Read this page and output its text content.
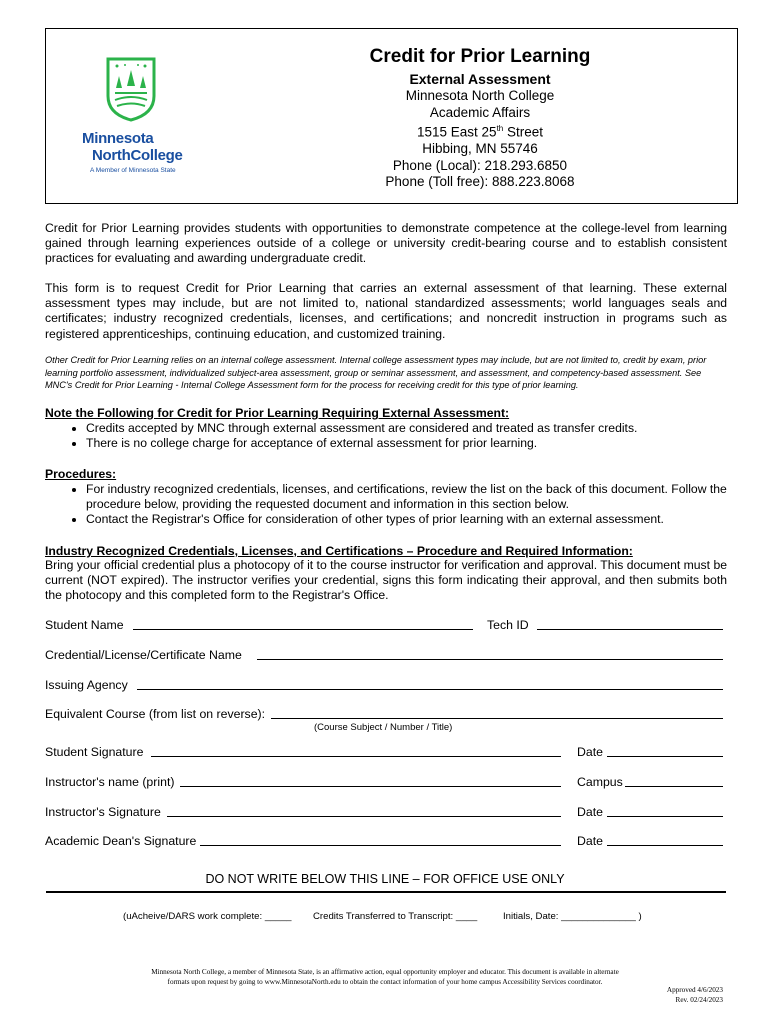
Minnesota
NorthCollege
A Member of Minnesota State
Credit for Prior Learning
External Assessment
Minnesota North College
Academic Affairs
1515 East 25th Street
Hibbing, MN 55746
Phone (Local): 218.293.6850
Phone (Toll free): 888.223.8068
Credit for Prior Learning provides students with opportunities to demonstrate competence at the college-level from learning gained through learning experiences outside of a college or university credit-bearing course and to establish consistent practices for evaluating and awarding undergraduate credit.
This form is to request Credit for Prior Learning that carries an external assessment of that learning. These external assessment types may include, but are not limited to, national standardized assessments; world languages seals and certificates; industry recognized credentials, licenses, and certifications; and noncredit instruction in programs such as registered apprenticeships, continuing education, and customized training.
Other Credit for Prior Learning relies on an internal college assessment. Internal college assessment types may include, but are not limited to, credit by exam, prior learning portfolio assessment, individualized subject-area assessment, group or seminar assessment, and assessment, and competency-based assessment. See MNC's Credit for Prior Learning - Internal College Assessment form for the process for receiving credit for this type of prior learning.
Note the Following for Credit for Prior Learning Requiring External Assessment:
• Credits accepted by MNC through external assessment are considered and treated as transfer credits.
• There is no college charge for acceptance of external assessment for prior learning.
Procedures:
• For industry recognized credentials, licenses, and certifications, review the list on the back of this document. Follow the procedure below, providing the requested document and information in this section below.
• Contact the Registrar's Office for consideration of other types of prior learning with an external assessment.
Industry Recognized Credentials, Licenses, and Certifications – Procedure and Required Information:
Bring your official credential plus a photocopy of it to the course instructor for verification and approval. This document must be current (NOT expired). The instructor verifies your credential, signs this form indicating their approval, and then submits both the photocopy and this completed form to the Registrar's Office.
Student Name	Tech ID
Credential/License/Certificate Name
Issuing Agency
Equivalent Course (from list on reverse):
(Course Subject / Number / Title)
Student Signature	Date
Instructor's name (print)	Campus
Instructor's Signature	Date
Academic Dean's Signature	Date
DO NOT WRITE BELOW THIS LINE – FOR OFFICE USE ONLY
(uAcheive/DARS work complete: _____ Credits Transferred to Transcript: ____	Initials, Date: ______________ )
Minnesota North College, a member of Minnesota State, is an affirmative action, equal opportunity employer and educator. This document is available in alternate
formats upon request by going to www.MinnesotaNorth.edu to obtain the contact information of your home campus Accessibility Services coordinator.
Approved 4/6/2023
Rev. 02/24/2023
